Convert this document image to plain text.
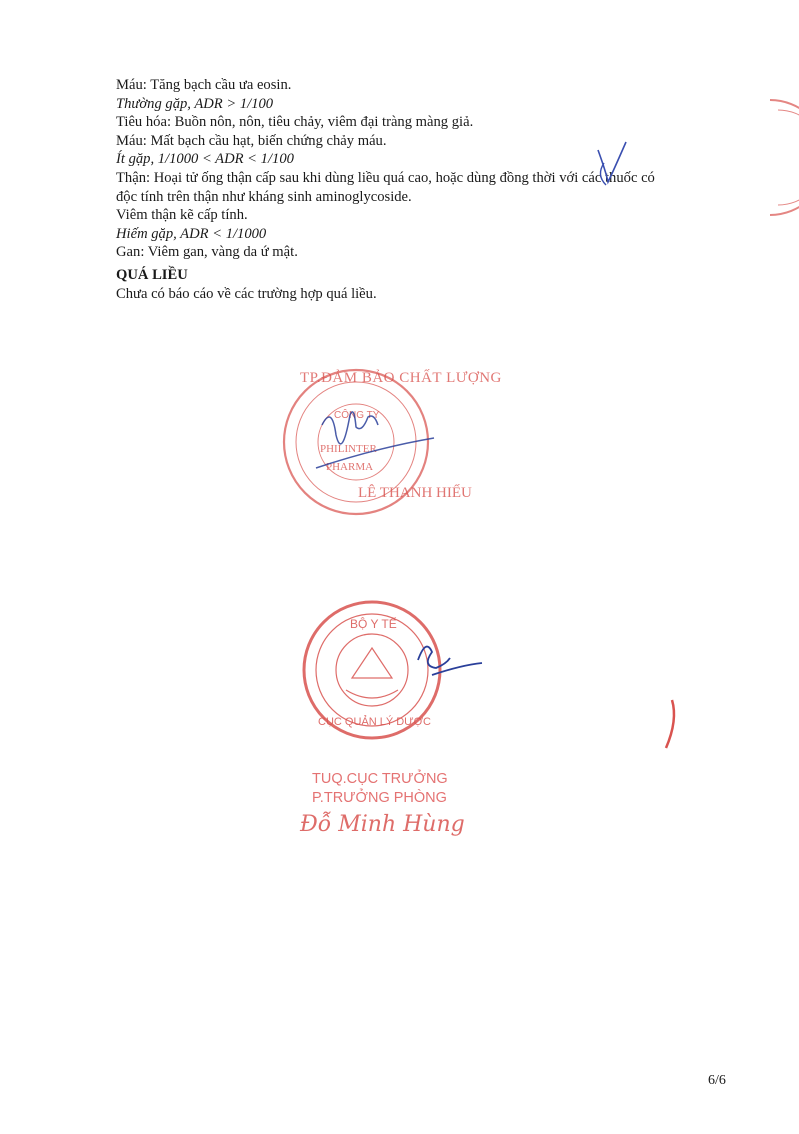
Máu: Tăng bạch cầu ưa eosin.
Thường gặp, ADR > 1/100
Tiêu hóa: Buồn nôn, nôn, tiêu chảy, viêm đại tràng màng giả.
Máu: Mất bạch cầu hạt, biến chứng chảy máu.
Ít gặp, 1/1000 < ADR < 1/100
Thận: Hoại tử ống thận cấp sau khi dùng liều quá cao, hoặc dùng đồng thời với các thuốc có
độc tính trên thận như kháng sinh aminoglycoside.
Viêm thận kẽ cấp tính.
Hiếm gặp, ADR < 1/1000
Gan: Viêm gan, vàng da ứ mật.
QUÁ LIỀU
Chưa có báo cáo về các trường hợp quá liều.
CÔNG TY
PHILINTER
PHARMA
BỘ Y TẾ
CỤC QUẢN LÝ DƯỢC
TP.ĐẢM BẢO CHẤT LƯỢNG
LÊ THANH HIẾU
TUQ.CỤC TRƯỞNG
P.TRƯỞNG PHÒNG
Đỗ Minh Hùng
6/6
